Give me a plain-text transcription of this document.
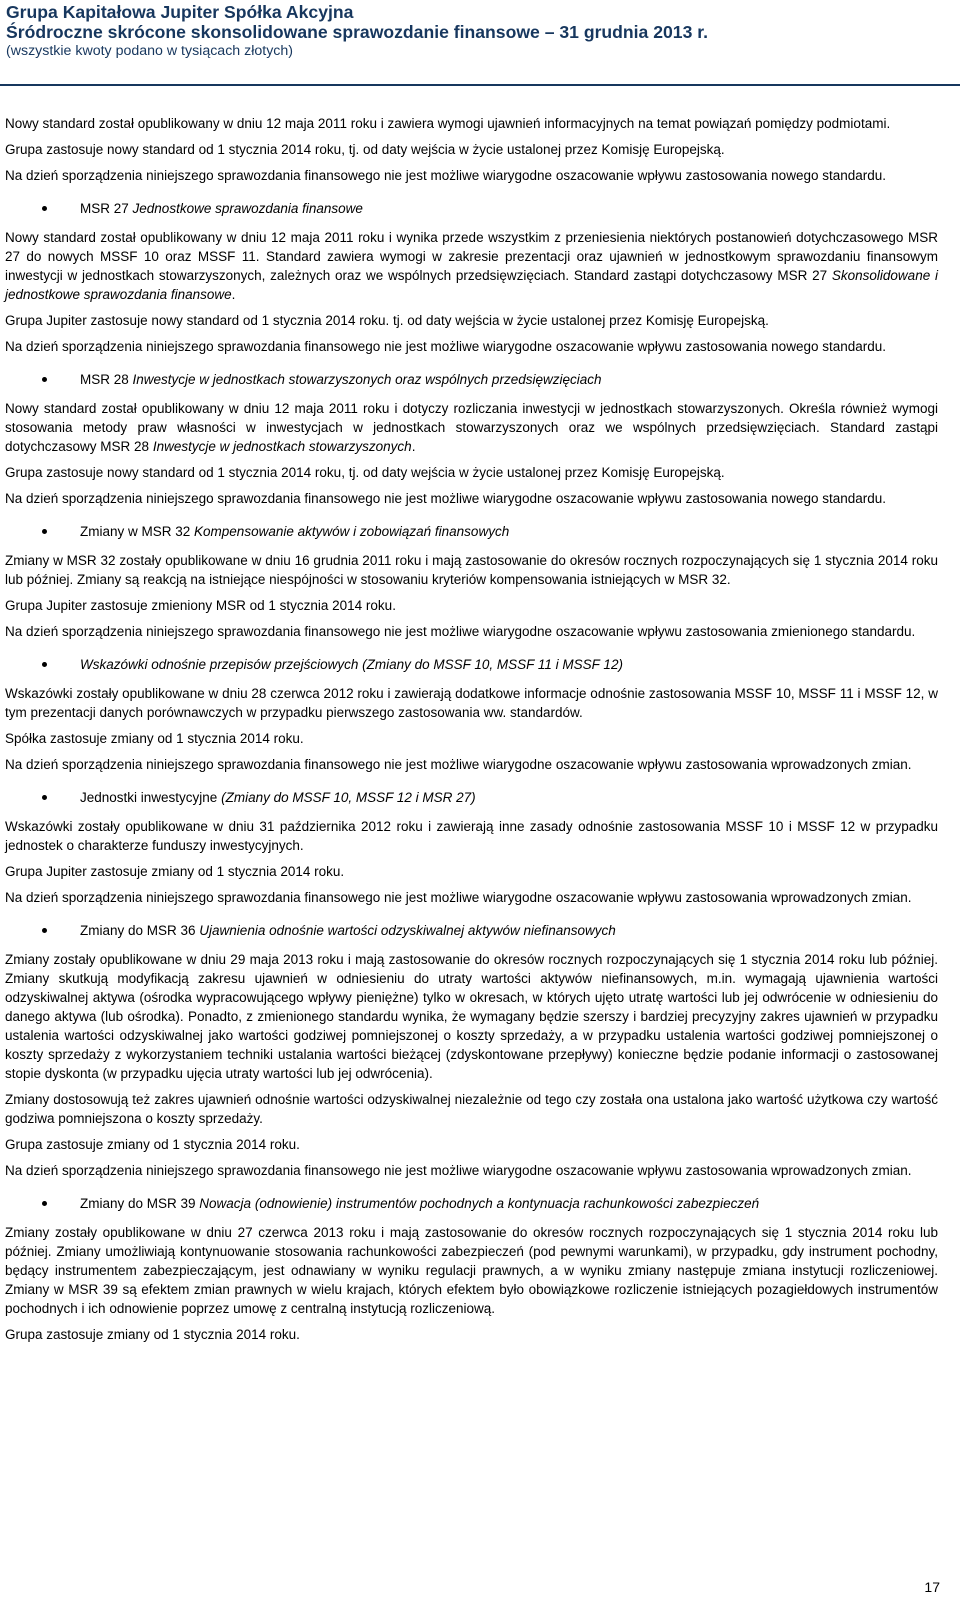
Grupa Kapitałowa Jupiter Spółka Akcyjna
Śródroczne skrócone skonsolidowane sprawozdanie finansowe – 31 grudnia 2013 r.
(wszystkie kwoty podano w tysiącach złotych)

Nowy standard został opublikowany w dniu 12 maja 2011 roku i zawiera wymogi ujawnień informacyjnych na temat powiązań pomiędzy podmiotami.

Grupa zastosuje nowy standard od 1 stycznia 2014 roku, tj. od daty wejścia w życie ustalonej przez Komisję Europejską.

Na dzień sporządzenia niniejszego sprawozdania finansowego nie jest możliwe wiarygodne oszacowanie wpływu zastosowania nowego standardu.

MSR 27 Jednostkowe sprawozdania finansowe

Nowy standard został opublikowany w dniu 12 maja 2011 roku i wynika przede wszystkim z przeniesienia niektórych postanowień dotychczasowego MSR 27 do nowych MSSF 10 oraz MSSF 11. Standard zawiera wymogi w zakresie prezentacji oraz ujawnień w jednostkowym sprawozdaniu finansowym inwestycji w jednostkach stowarzyszonych, zależnych oraz we wspólnych przedsięwzięciach. Standard zastąpi dotychczasowy MSR 27 Skonsolidowane i jednostkowe sprawozdania finansowe.

Grupa Jupiter zastosuje nowy standard od 1 stycznia 2014 roku. tj. od daty wejścia w życie ustalonej przez Komisję Europejską.

Na dzień sporządzenia niniejszego sprawozdania finansowego nie jest możliwe wiarygodne oszacowanie wpływu zastosowania nowego standardu.

MSR 28 Inwestycje w jednostkach stowarzyszonych oraz wspólnych przedsięwzięciach

Nowy standard został opublikowany w dniu 12 maja 2011 roku i dotyczy rozliczania inwestycji w jednostkach stowarzyszonych. Określa również wymogi stosowania metody praw własności w inwestycjach w jednostkach stowarzyszonych oraz we wspólnych przedsięwzięciach. Standard zastąpi dotychczasowy MSR 28 Inwestycje w jednostkach stowarzyszonych.

Grupa zastosuje nowy standard od 1 stycznia 2014 roku, tj. od daty wejścia w życie ustalonej przez Komisję Europejską.

Na dzień sporządzenia niniejszego sprawozdania finansowego nie jest możliwe wiarygodne oszacowanie wpływu zastosowania nowego standardu.

Zmiany w MSR 32 Kompensowanie aktywów i zobowiązań finansowych

Zmiany w MSR 32 zostały opublikowane w dniu 16 grudnia 2011 roku i mają zastosowanie do okresów rocznych rozpoczynających się 1 stycznia 2014 roku lub później. Zmiany są reakcją na istniejące niespójności w stosowaniu kryteriów kompensowania istniejących w MSR 32.

Grupa Jupiter zastosuje zmieniony MSR od 1 stycznia 2014 roku.

Na dzień sporządzenia niniejszego sprawozdania finansowego nie jest możliwe wiarygodne oszacowanie wpływu zastosowania zmienionego standardu.

Wskazówki odnośnie przepisów przejściowych (Zmiany do MSSF 10, MSSF 11 i MSSF 12)

Wskazówki zostały opublikowane w dniu 28 czerwca 2012 roku i zawierają dodatkowe informacje odnośnie zastosowania MSSF 10, MSSF 11 i MSSF 12, w tym prezentacji danych porównawczych w przypadku pierwszego zastosowania ww. standardów.

Spółka zastosuje zmiany od 1 stycznia 2014 roku.

Na dzień sporządzenia niniejszego sprawozdania finansowego nie jest możliwe wiarygodne oszacowanie wpływu zastosowania wprowadzonych zmian.

Jednostki inwestycyjne (Zmiany do MSSF 10, MSSF 12 i MSR 27)

Wskazówki zostały opublikowane w dniu 31 października 2012 roku i zawierają inne zasady odnośnie zastosowania MSSF 10 i MSSF 12 w przypadku jednostek o charakterze funduszy inwestycyjnych.

Grupa Jupiter zastosuje zmiany od 1 stycznia 2014 roku.

Na dzień sporządzenia niniejszego sprawozdania finansowego nie jest możliwe wiarygodne oszacowanie wpływu zastosowania wprowadzonych zmian.

Zmiany do MSR 36 Ujawnienia odnośnie wartości odzyskiwalnej aktywów niefinansowych

Zmiany zostały opublikowane w dniu 29 maja 2013 roku i mają zastosowanie do okresów rocznych rozpoczynających się 1 stycznia 2014 roku lub później. Zmiany skutkują modyfikacją zakresu ujawnień w odniesieniu do utraty wartości aktywów niefinansowych, m.in. wymagają ujawnienia wartości odzyskiwalnej aktywa (ośrodka wypracowującego wpływy pieniężne) tylko w okresach, w których ujęto utratę wartości lub jej odwrócenie w odniesieniu do danego aktywa (lub ośrodka). Ponadto, z zmienionego standardu wynika, że wymagany będzie szerszy i bardziej precyzyjny zakres ujawnień w przypadku ustalenia wartości odzyskiwalnej jako wartości godziwej pomniejszonej o koszty sprzedaży, a w przypadku ustalenia wartości godziwej pomniejszonej o koszty sprzedaży z wykorzystaniem techniki ustalania wartości bieżącej (zdyskontowane przepływy) konieczne będzie podanie informacji o zastosowanej stopie dyskonta (w przypadku ujęcia utraty wartości lub jej odwrócenia).

Zmiany dostosowują też zakres ujawnień odnośnie wartości odzyskiwalnej niezależnie od tego czy została ona ustalona jako wartość użytkowa czy wartość godziwa pomniejszona o koszty sprzedaży.

Grupa zastosuje zmiany od 1 stycznia 2014 roku.

Na dzień sporządzenia niniejszego sprawozdania finansowego nie jest możliwe wiarygodne oszacowanie wpływu zastosowania wprowadzonych zmian.

Zmiany do MSR 39 Nowacja (odnowienie) instrumentów pochodnych a kontynuacja rachunkowości zabezpieczeń

Zmiany zostały opublikowane w dniu 27 czerwca 2013 roku i mają zastosowanie do okresów rocznych rozpoczynających się 1 stycznia 2014 roku lub później. Zmiany umożliwiają kontynuowanie stosowania rachunkowości zabezpieczeń (pod pewnymi warunkami), w przypadku, gdy instrument pochodny, będący instrumentem zabezpieczającym, jest odnawiany w wyniku regulacji prawnych, a w wyniku zmiany następuje zmiana instytucji rozliczeniowej. Zmiany w MSR 39 są efektem zmian prawnych w wielu krajach, których efektem było obowiązkowe rozliczenie istniejących pozagiełdowych instrumentów pochodnych i ich odnowienie poprzez umowę z centralną instytucją rozliczeniową.

Grupa zastosuje zmiany od 1 stycznia 2014 roku.

17
